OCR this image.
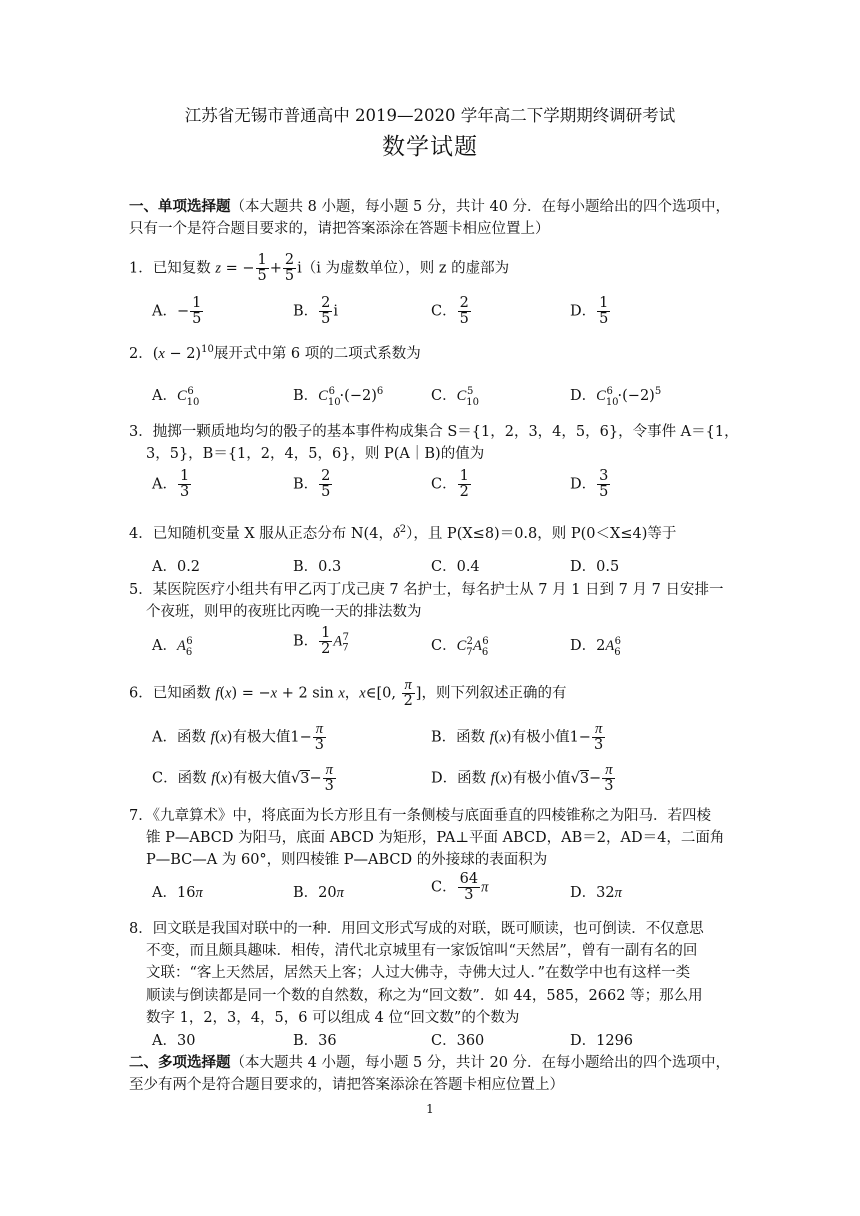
江苏省无锡市普通高中 2019—2020 学年高二下学期期终调研考试
数学试题
一、单项选择题（本大题共 8 小题，每小题 5 分，共计 40 分．在每小题给出的四个选项中，
只有一个是符合题目要求的，请把答案添涂在答题卡相应位置上）
1．已知复数 z = − $\frac{1}{5} + \frac{2}{5} i(i$ 为虚数单位），则 z 的虚部为
A．− $\frac{1}{5}$	B． $\frac{2}{5}$ i	C． $\frac{2}{5}$	D． $\frac{1}{5}$
2．$(x - 2)^{10}$展开式中第 6 项的二项式系数为
A．$C_{10}^6$	B．$C_{10}^6 \cdot(-2)^6$	C．$C_{10}^5$	D．$C_{10}^6 \cdot(-2)^5$
3．抛掷一颗质地均匀的骰子的基本事件构成集合 S＝{1，2，3，4，5，6}，令事件 A＝{1，
3，5}，B＝{1，2，4，5，6}，则 P(A｜B)的值为
A． $\frac{1}{3}$	B． $\frac{2}{5}$	C． $\frac{1}{2}$	D． $\frac{3}{5}$
4．已知随机变量 X 服从正态分布 N(4，$\delta^2$），且 P(X≤8)＝0.8，则 P(0＜X≤4)等于
A．0.2	B．0.3	C．0.4	D．0.5
5．某医院医疗小组共有甲乙丙丁戊己庚 7 名护士，每名护士从 7 月 1 日到 7 月 7 日安排一
个夜班，则甲的夜班比丙晚一天的排法数为
A．$A_6^6$	B． $\frac{1}{2} A_7^7$
C．$C_7^2A_6^6$	D．$2A_6^6$
6．已知函数 f(x) = −x + 2 sin x，x∈[0, $\frac{\pi}{2}$ ]，则下列叙述正确的有
A．函数 f(x)有极大值$1- \frac{\pi}{3}$	B．函数 f(x)有极小值$1- \frac{\pi}{3}$
C．函数 f(x)有极大值$√3- \frac{\pi}{3}$	D．函数 f(x)有极小值$√3- \frac{\pi}{3}$
7．《九章算术》中，将底面为长方形且有一条侧棱与底面垂直的四棱锥称之为阳马．若四棱
锥 P—ABCD 为阳马，底面 ABCD 为矩形，PA⊥平面 ABCD，AB＝2，AD＝4，二面角
P—BC—A 为 60°，则四棱锥 P—ABCD 的外接球的表面积为
A．16π	B．20π	C． $\frac{64}{3}$ π	D．32π
8．回文联是我国对联中的一种．用回文形式写成的对联，既可顺读，也可倒读．不仅意思
不变，而且颇具趣味．相传，清代北京城里有一家饭馆叫“天然居”，曾有一副有名的回
文联：“客上天然居，居然天上客；人过大佛寺，寺佛大过人．”在数学中也有这样一类
顺读与倒读都是同一个数的自然数，称之为“回文数”．如 44，585，2662 等；那么用
数字 1，2，3，4，5，6 可以组成 4 位“回文数”的个数为
A．30	B．36	C．360	D．1296
二、多项选择题（本大题共 4 小题，每小题 5 分，共计 20 分．在每小题给出的四个选项中，
至少有两个是符合题目要求的，请把答案添涂在答题卡相应位置上）
1
